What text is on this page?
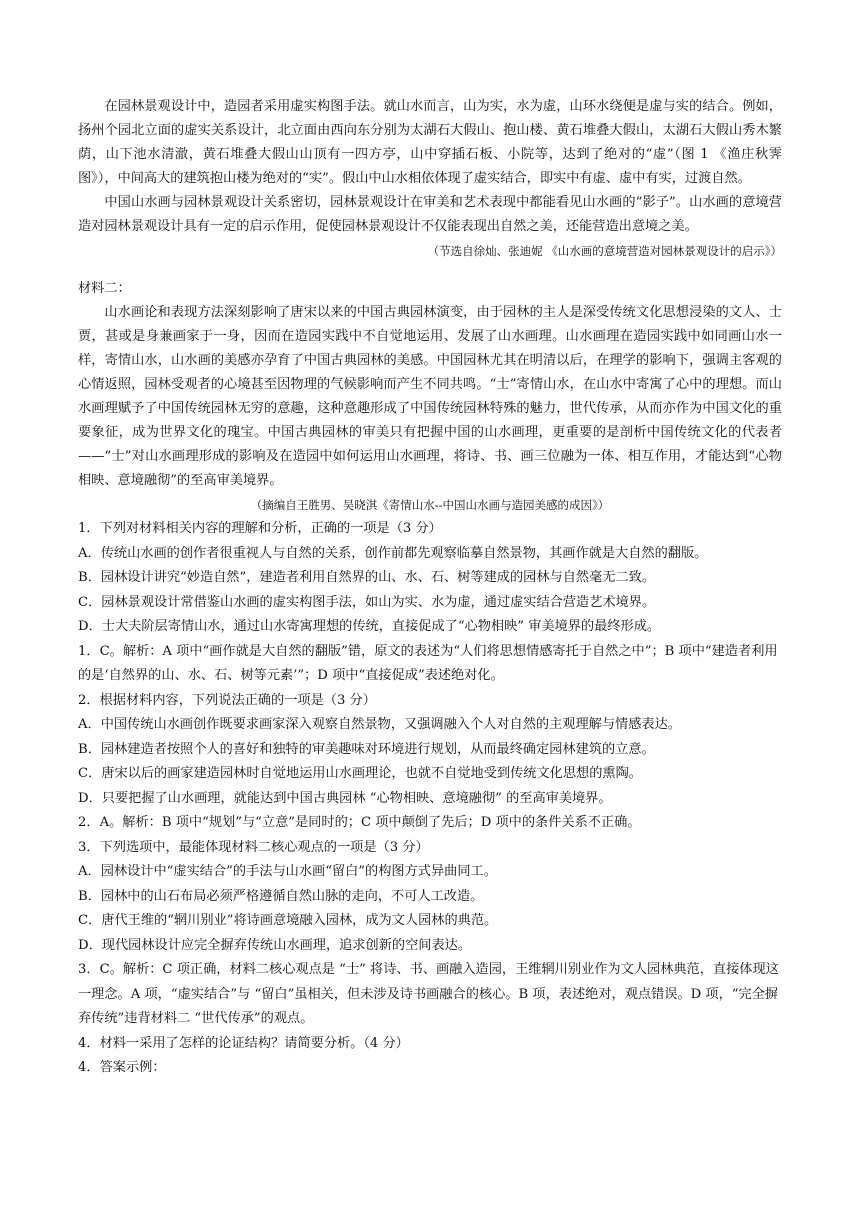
在园林景观设计中，造园者采用虚实构图手法。就山水而言，山为实，水为虚，山环水绕便是虚与实的结合。例如，扬州个园北立面的虚实关系设计，北立面由西向东分别为太湖石大假山、抱山楼、黄石堆叠大假山，太湖石大假山秀木繁荫，山下池水清澈，黄石堆叠大假山山顶有一四方亭，山中穿插石板、小院等，达到了绝对的“虚”（图 1 《渔庄秋霁图》），中间高大的建筑抱山楼为绝对的“实”。假山中山水相依体现了虚实结合，即实中有虚、虚中有实，过渡自然。

中国山水画与园林景观设计关系密切，园林景观设计在审美和艺术表现中都能看见山水画的“影子”。山水画的意境营造对园林景观设计具有一定的启示作用，促使园林景观设计不仅能表现出自然之美，还能营造出意境之美。

（节选自徐灿、张迪妮 《山水画的意境营造对园林景观设计的启示》）

材料二：

山水画论和表现方法深刻影响了唐宋以来的中国古典园林演变，由于园林的主人是深受传统文化思想浸染的文人、士贾，甚或是身兼画家于一身，因而在造园实践中不自觉地运用、发展了山水画理。山水画理在造园实践中如同画山水一样，寄情山水，山水画的美感亦孕育了中国古典园林的美感。中国园林尤其在明清以后，在理学的影响下，强调主客观的心情返照，园林受观者的心境甚至因物理的气候影响而产生不同共鸣。“士”寄情山水，在山水中寄寓了心中的理想。而山水画理赋予了中国传统园林无穷的意趣，这种意趣形成了中国传统园林特殊的魅力，世代传承，从而亦作为中国文化的重要象征，成为世界文化的瑰宝。中国古典园林的审美只有把握中国的山水画理，更重要的是剖析中国传统文化的代表者——“士”对山水画理形成的影响及在造园中如何运用山水画理，将诗、书、画三位融为一体、相互作用，才能达到“心物相映、意境融彻”的至高审美境界。

（摘编自王胜男、吴晓淇《寄情山水--中国山水画与造园美感的成因》）

1．下列对材料相关内容的理解和分析，正确的一项是（3 分）

A．传统山水画的创作者很重视人与自然的关系，创作前都先观察临摹自然景物，其画作就是大自然的翻版。

B．园林设计讲究“妙造自然”，建造者利用自然界的山、水、石、树等建成的园林与自然毫无二致。

C．园林景观设计常借鉴山水画的虚实构图手法，如山为实、水为虚，通过虚实结合营造艺术境界。

D．士大夫阶层寄情山水，通过山水寄寓理想的传统，直接促成了“心物相映” 审美境界的最终形成。

1．C。解析：A 项中“画作就是大自然的翻版”错，原文的表述为“人们将思想情感寄托于自然之中”；B 项中“建造者利用的是‘自然界的山、水、石、树等元素’”；D 项中“直接促成”表述绝对化。

2．根据材料内容，下列说法正确的一项是（3 分）

A．中国传统山水画创作既要求画家深入观察自然景物，又强调融入个人对自然的主观理解与情感表达。

B．园林建造者按照个人的喜好和独特的审美趣味对环境进行规划，从而最终确定园林建筑的立意。

C．唐宋以后的画家建造园林时自觉地运用山水画理论，也就不自觉地受到传统文化思想的熏陶。

D．只要把握了山水画理，就能达到中国古典园林 “心物相映、意境融彻” 的至高审美境界。

2．A。解析：B 项中“规划”与“立意”是同时的；C 项中颠倒了先后；D 项中的条件关系不正确。

3．下列选项中，最能体现材料二核心观点的一项是（3 分）

A．园林设计中“虚实结合”的手法与山水画“留白”的构图方式异曲同工。

B．园林中的山石布局必须严格遵循自然山脉的走向，不可人工改造。

C．唐代王维的“辋川别业”将诗画意境融入园林，成为文人园林的典范。

D．现代园林设计应完全摒弃传统山水画理，追求创新的空间表达。

3．C。解析：C 项正确，材料二核心观点是 “士” 将诗、书、画融入造园，王维辋川别业作为文人园林典范，直接体现这一理念。A 项，“虚实结合”与 “留白”虽相关，但未涉及诗书画融合的核心。B 项，表述绝对，观点错误。D 项，“完全摒弃传统”违背材料二 “世代传承”的观点。

4．材料一采用了怎样的论证结构？请简要分析。（4 分）

4．答案示例：
